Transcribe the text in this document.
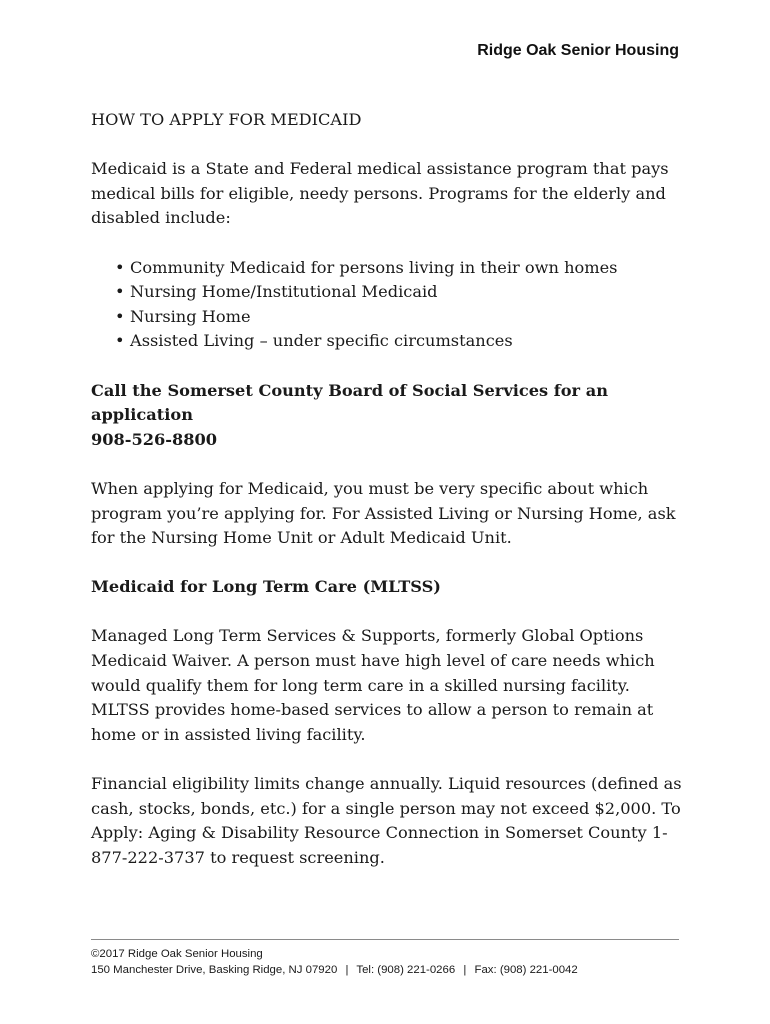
Ridge Oak Senior Housing

HOW TO APPLY FOR MEDICAID

Medicaid is a State and Federal medical assistance program that pays medical bills for eligible, needy persons. Programs for the elderly and disabled include:

• Community Medicaid for persons living in their own homes
• Nursing Home/Institutional Medicaid
• Nursing Home
• Assisted Living – under specific circumstances

Call the Somerset County Board of Social Services for an application

908-526-8800

When applying for Medicaid, you must be very specific about which program you’re applying for. For Assisted Living or Nursing Home, ask for the Nursing Home Unit or Adult Medicaid Unit.

Medicaid for Long Term Care (MLTSS)

Managed Long Term Services & Supports, formerly Global Options Medicaid Waiver. A person must have high level of care needs which would qualify them for long term care in a skilled nursing facility. MLTSS provides home-based services to allow a person to remain at home or in assisted living facility.

Financial eligibility limits change annually. Liquid resources (defined as cash, stocks, bonds, etc.) for a single person may not exceed $2,000. To Apply: Aging & Disability Resource Connection in Somerset County 1-877-222-3737 to request screening.

©2017 Ridge Oak Senior Housing

150 Manchester Drive, Basking Ridge, NJ 07920 | Tel: (908) 221-0266 | Fax: (908) 221-0042
